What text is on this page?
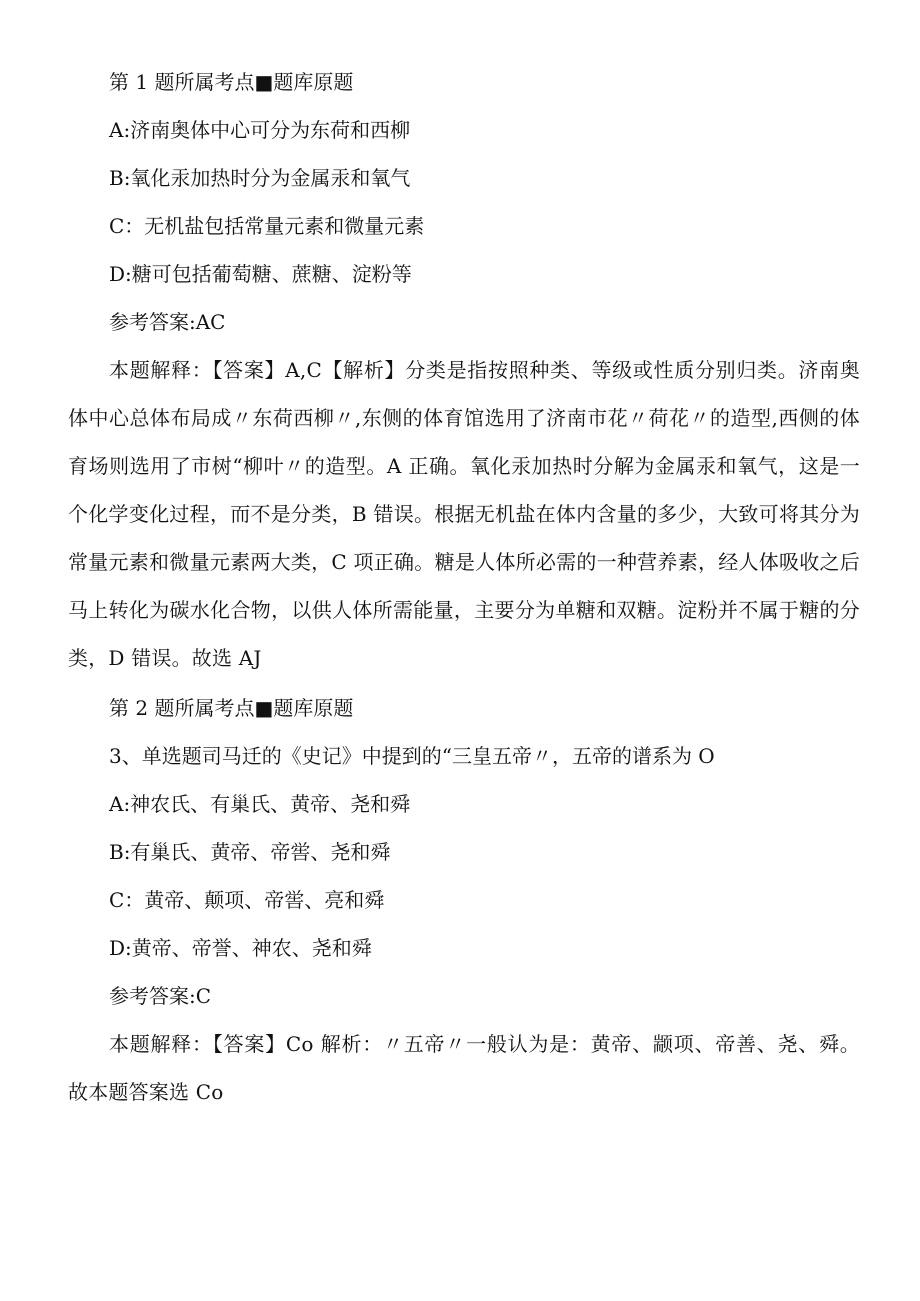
第 1 题所属考点■题库原题
A:济南奥体中心可分为东荷和西柳
B:氧化汞加热时分为金属汞和氧气
C：无机盐包括常量元素和微量元素
D:糖可包括葡萄糖、蔗糖、淀粉等
参考答案:AC
本题解释：【答案】A,C【解析】分类是指按照种类、等级或性质分别归类。济南奥体中心总体布局成〃东荷西柳〃,东侧的体育馆选用了济南市花〃荷花〃的造型,西侧的体育场则选用了市树“柳叶〃的造型。A 正确。氧化汞加热时分解为金属汞和氧气，这是一个化学变化过程，而不是分类，B 错误。根据无机盐在体内含量的多少，大致可将其分为常量元素和微量元素两大类，C 项正确。糖是人体所必需的一种营养素，经人体吸收之后马上转化为碳水化合物，以供人体所需能量，主要分为单糖和双糖。淀粉并不属于糖的分类，D 错误。故选 AJ
第 2 题所属考点■题库原题
3、单选题司马迁的《史记》中提到的“三皇五帝〃，五帝的谱系为 O
A:神农氏、有巢氏、黄帝、尧和舜
B:有巢氏、黄帝、帝喾、尧和舜
C：黄帝、颠项、帝喾、亮和舜
D:黄帝、帝誉、神农、尧和舜
参考答案:C
本题解释：【答案】Co 解析：〃五帝〃一般认为是：黄帝、颛项、帝善、尧、舜。故本题答案选 Co
